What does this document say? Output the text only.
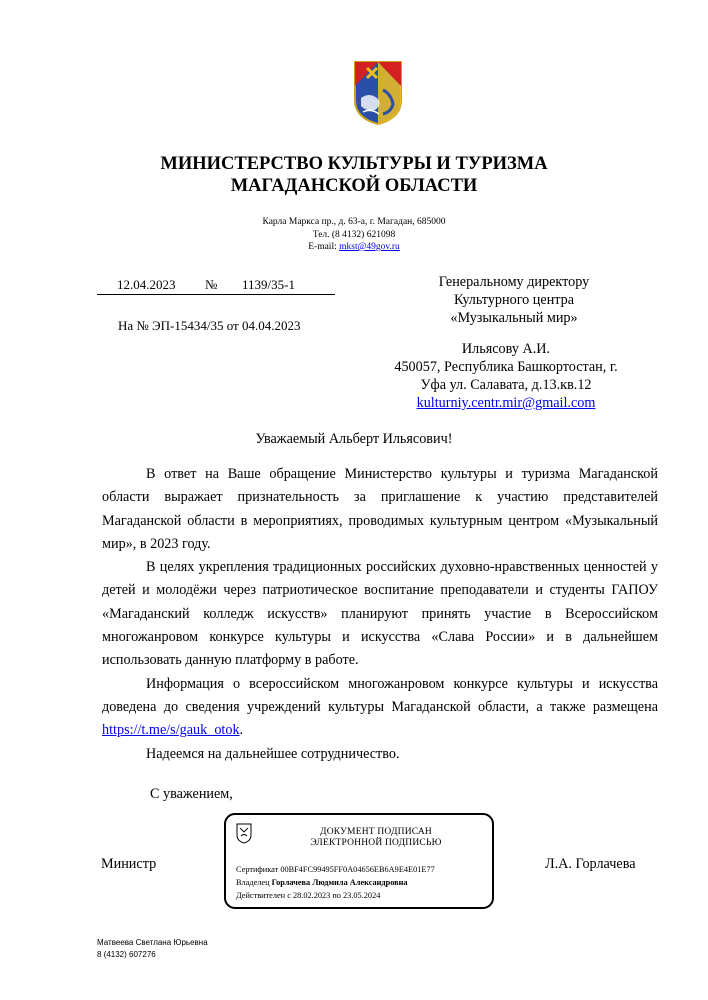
МИНИСТЕРСТВО КУЛЬТУРЫ И ТУРИЗМА
МАГАДАНСКОЙ ОБЛАСТИ
Карла Маркса пр., д. 63-а, г. Магадан, 685000
Тел. (8 4132) 621098
E-mail: mkst@49gov.ru
12.04.2023 № 1139/35-1
На № ЭП-15434/35 от 04.04.2023
Генеральному директору
Культурного центра
«Музыкальный мир»
Ильясову А.И.
450057, Республика Башкортостан, г.
Уфа ул. Салавата, д.13.кв.12
kulturniy.centr.mir@gmail.com
Уважаемый Альберт Ильясович!

В ответ на Ваше обращение Министерство культуры и туризма Магаданской области выражает признательность за приглашение к участию представителей Магаданской области в мероприятиях, проводимых культурным центром «Музыкальный мир», в 2023 году.

В целях укрепления традиционных российских духовно-нравственных ценностей у детей и молодёжи через патриотическое воспитание преподаватели и студенты ГАПОУ «Магаданский колледж искусств» планируют принять участие в Всероссийском многожанровом конкурсе культуры и искусства «Слава России» и в дальнейшем использовать данную платформу в работе.

Информация о всероссийском многожанровом конкурсе культуры и искусства доведена до сведения учреждений культуры Магаданской области, а также размещена https://t.me/s/gauk_otok.

Надеемся на дальнейшее сотрудничество.

С уважением,
Министр	Л.А. Горлачева
ДОКУМЕНТ ПОДПИСАН
ЭЛЕКТРОННОЙ ПОДПИСЬЮ
Сертификат 00BF4FC99495FF0A04656EB6A9E4E01E77
Владелец Горлачева Людмила Александровна
Действителен с 28.02.2023 по 23.05.2024
Матвеева Светлана Юрьевна
8 (4132) 607276
